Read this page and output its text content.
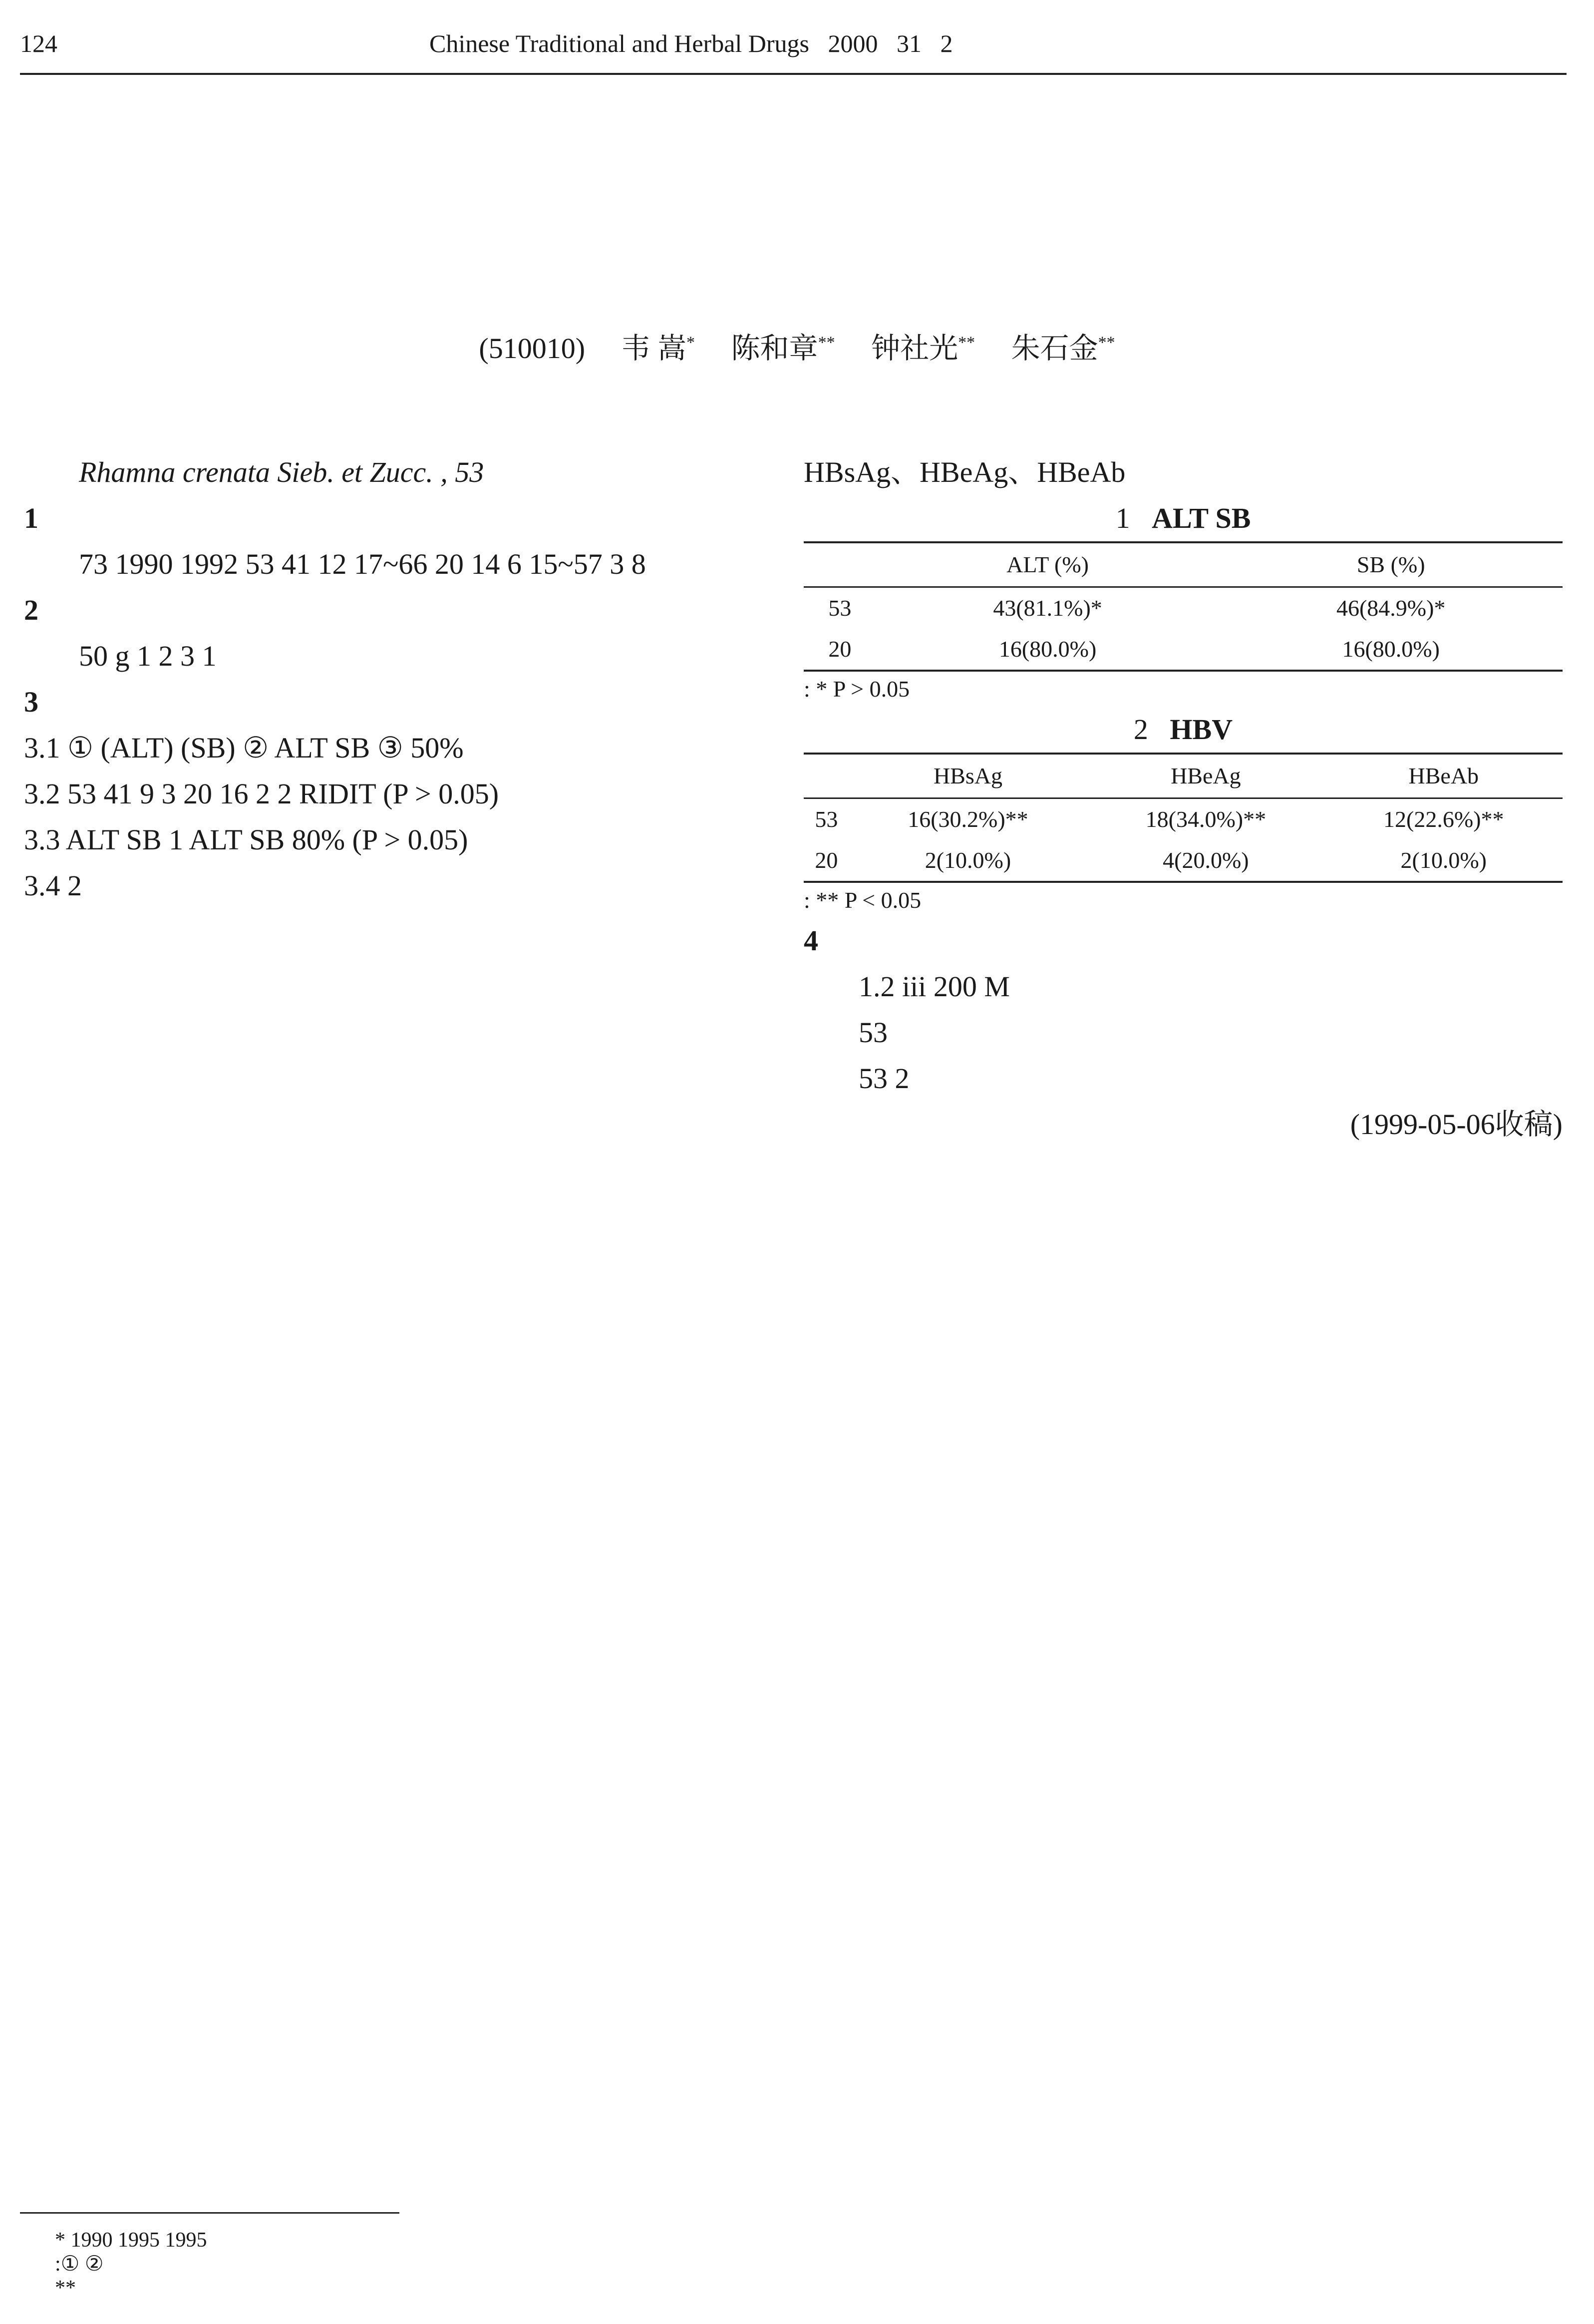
124	Chinese Traditional and Herbal Drugs 2000 31 2
(510010) 韦 嵩* 陈和章** 钟社光** 朱石金**

Rhamna crenata Sieb. et Zucc. , 53

1

73 1990 1992 53 41 12 17~66 20 14 6 15~57 3 8

2

50 g 1 2 3 1

3

3.1 ① (ALT) (SB) ② ALT SB ③ 50%

3.2 53 41 9 3 20 16 2 2 RIDIT (P > 0.05)

3.3 ALT SB 1 ALT SB 80% (P > 0.05)

3.4 2

HBsAg、HBeAg、HBeAb

1 ALT SB

		ALT (%)	SB (%)
	53	43(81.1%)*	46(84.9%)*
	20	16(80.0%)	16(80.0%)

: * P > 0.05

2 HBV

		HBsAg	HBeAg	HBeAb
	53	16(30.2%)**	18(34.0%)**	12(22.6%)**
	20	2(10.0%)	4(20.0%)	2(10.0%)

: ** P < 0.05

4

1.2 iii 200 M

53

53 2

(1999-05-06收稿)

* 1990 1995 1995

:① ②

**
